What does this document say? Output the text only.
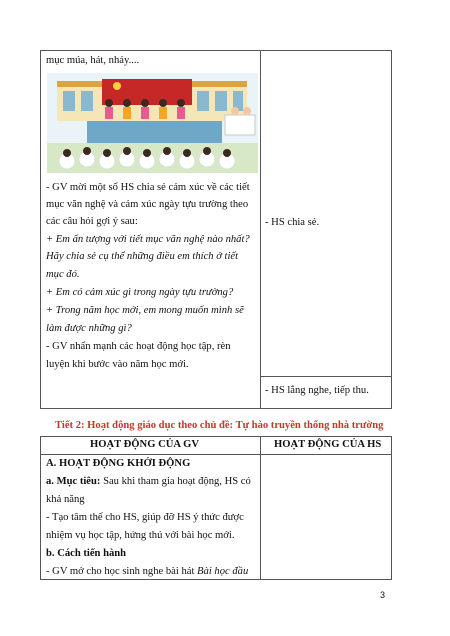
mục múa, hát, nhảy....
- GV mời một số HS chia sẻ cảm xúc về các tiết
mục văn nghệ và cảm xúc ngày tựu trường theo
các câu hỏi gợi ý sau:
+ Em ấn tượng với tiết mục văn nghệ nào nhất?
Hãy chia sẻ cụ thể những điều em thích ở tiết
mục đó.
+ Em có cảm xúc gì trong ngày tựu trường?
+ Trong năm học mới, em mong muốn mình sẽ
làm được những gì?
- GV nhấn mạnh các hoạt động học tập, rèn
luyện khi bước vào năm học mới.
- HS chia sẻ.
- HS lắng nghe, tiếp thu.
Tiết 2: Hoạt động giáo dục theo chủ đề: Tự hào truyền thống nhà trường
HOẠT ĐỘNG CỦA GV	HOẠT ĐỘNG CỦA HS
A. HOẠT ĐỘNG KHỞI ĐỘNG
a. Mục tiêu: Sau khi tham gia hoạt động, HS có
khả năng
- Tạo tâm thế cho HS, giúp đỡ HS ý thức được
nhiệm vụ học tập, hứng thú với bài học mới.
b. Cách tiến hành
- GV mở cho học sinh nghe bài hát Bài học đầu
3
